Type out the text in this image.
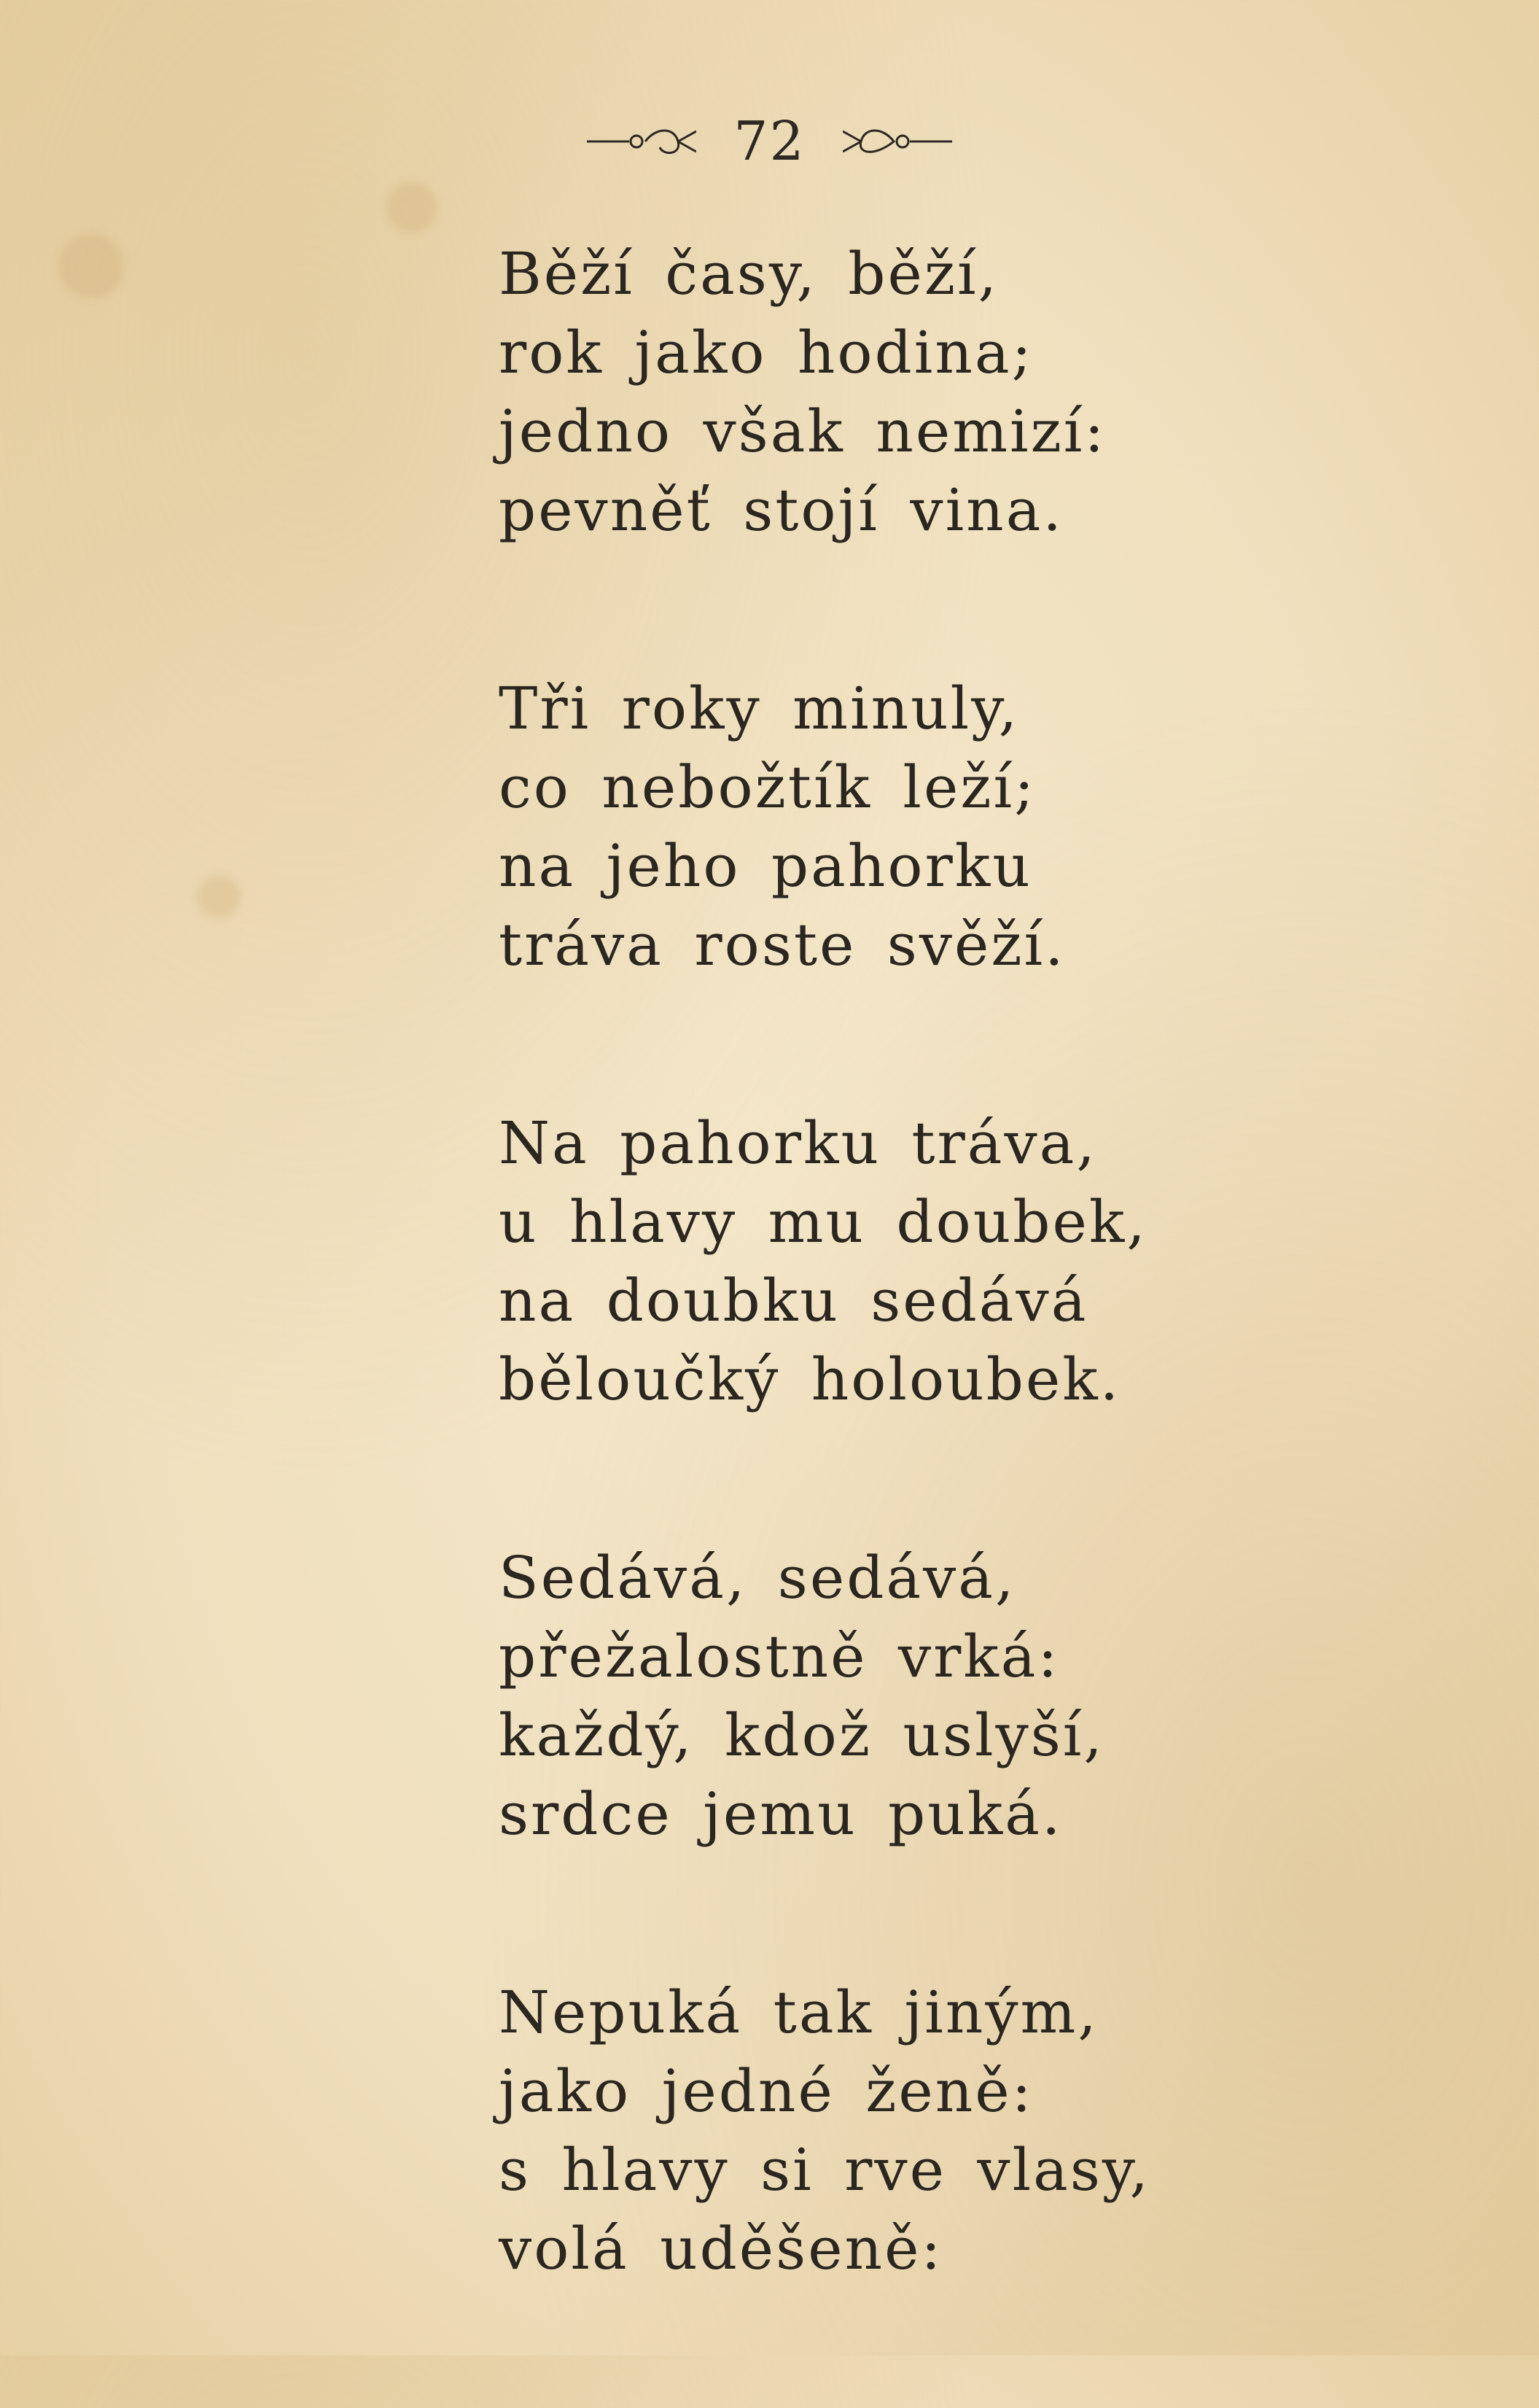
72
Běží časy, běží,
rok jako hodina;
jedno však nemizí:
pevněť stojí vina.
Tři roky minuly,
co nebožtík leží;
na jeho pahorku
tráva roste svěží.
Na pahorku tráva,
u hlavy mu doubek,
na doubku sedává
běloučký holoubek.
Sedává, sedává,
přežalostně vrká:
každý, kdož uslyší,
srdce jemu puká.
Nepuká tak jiným,
jako jedné ženě:
s hlavy si rve vlasy,
volá uděšeně:
